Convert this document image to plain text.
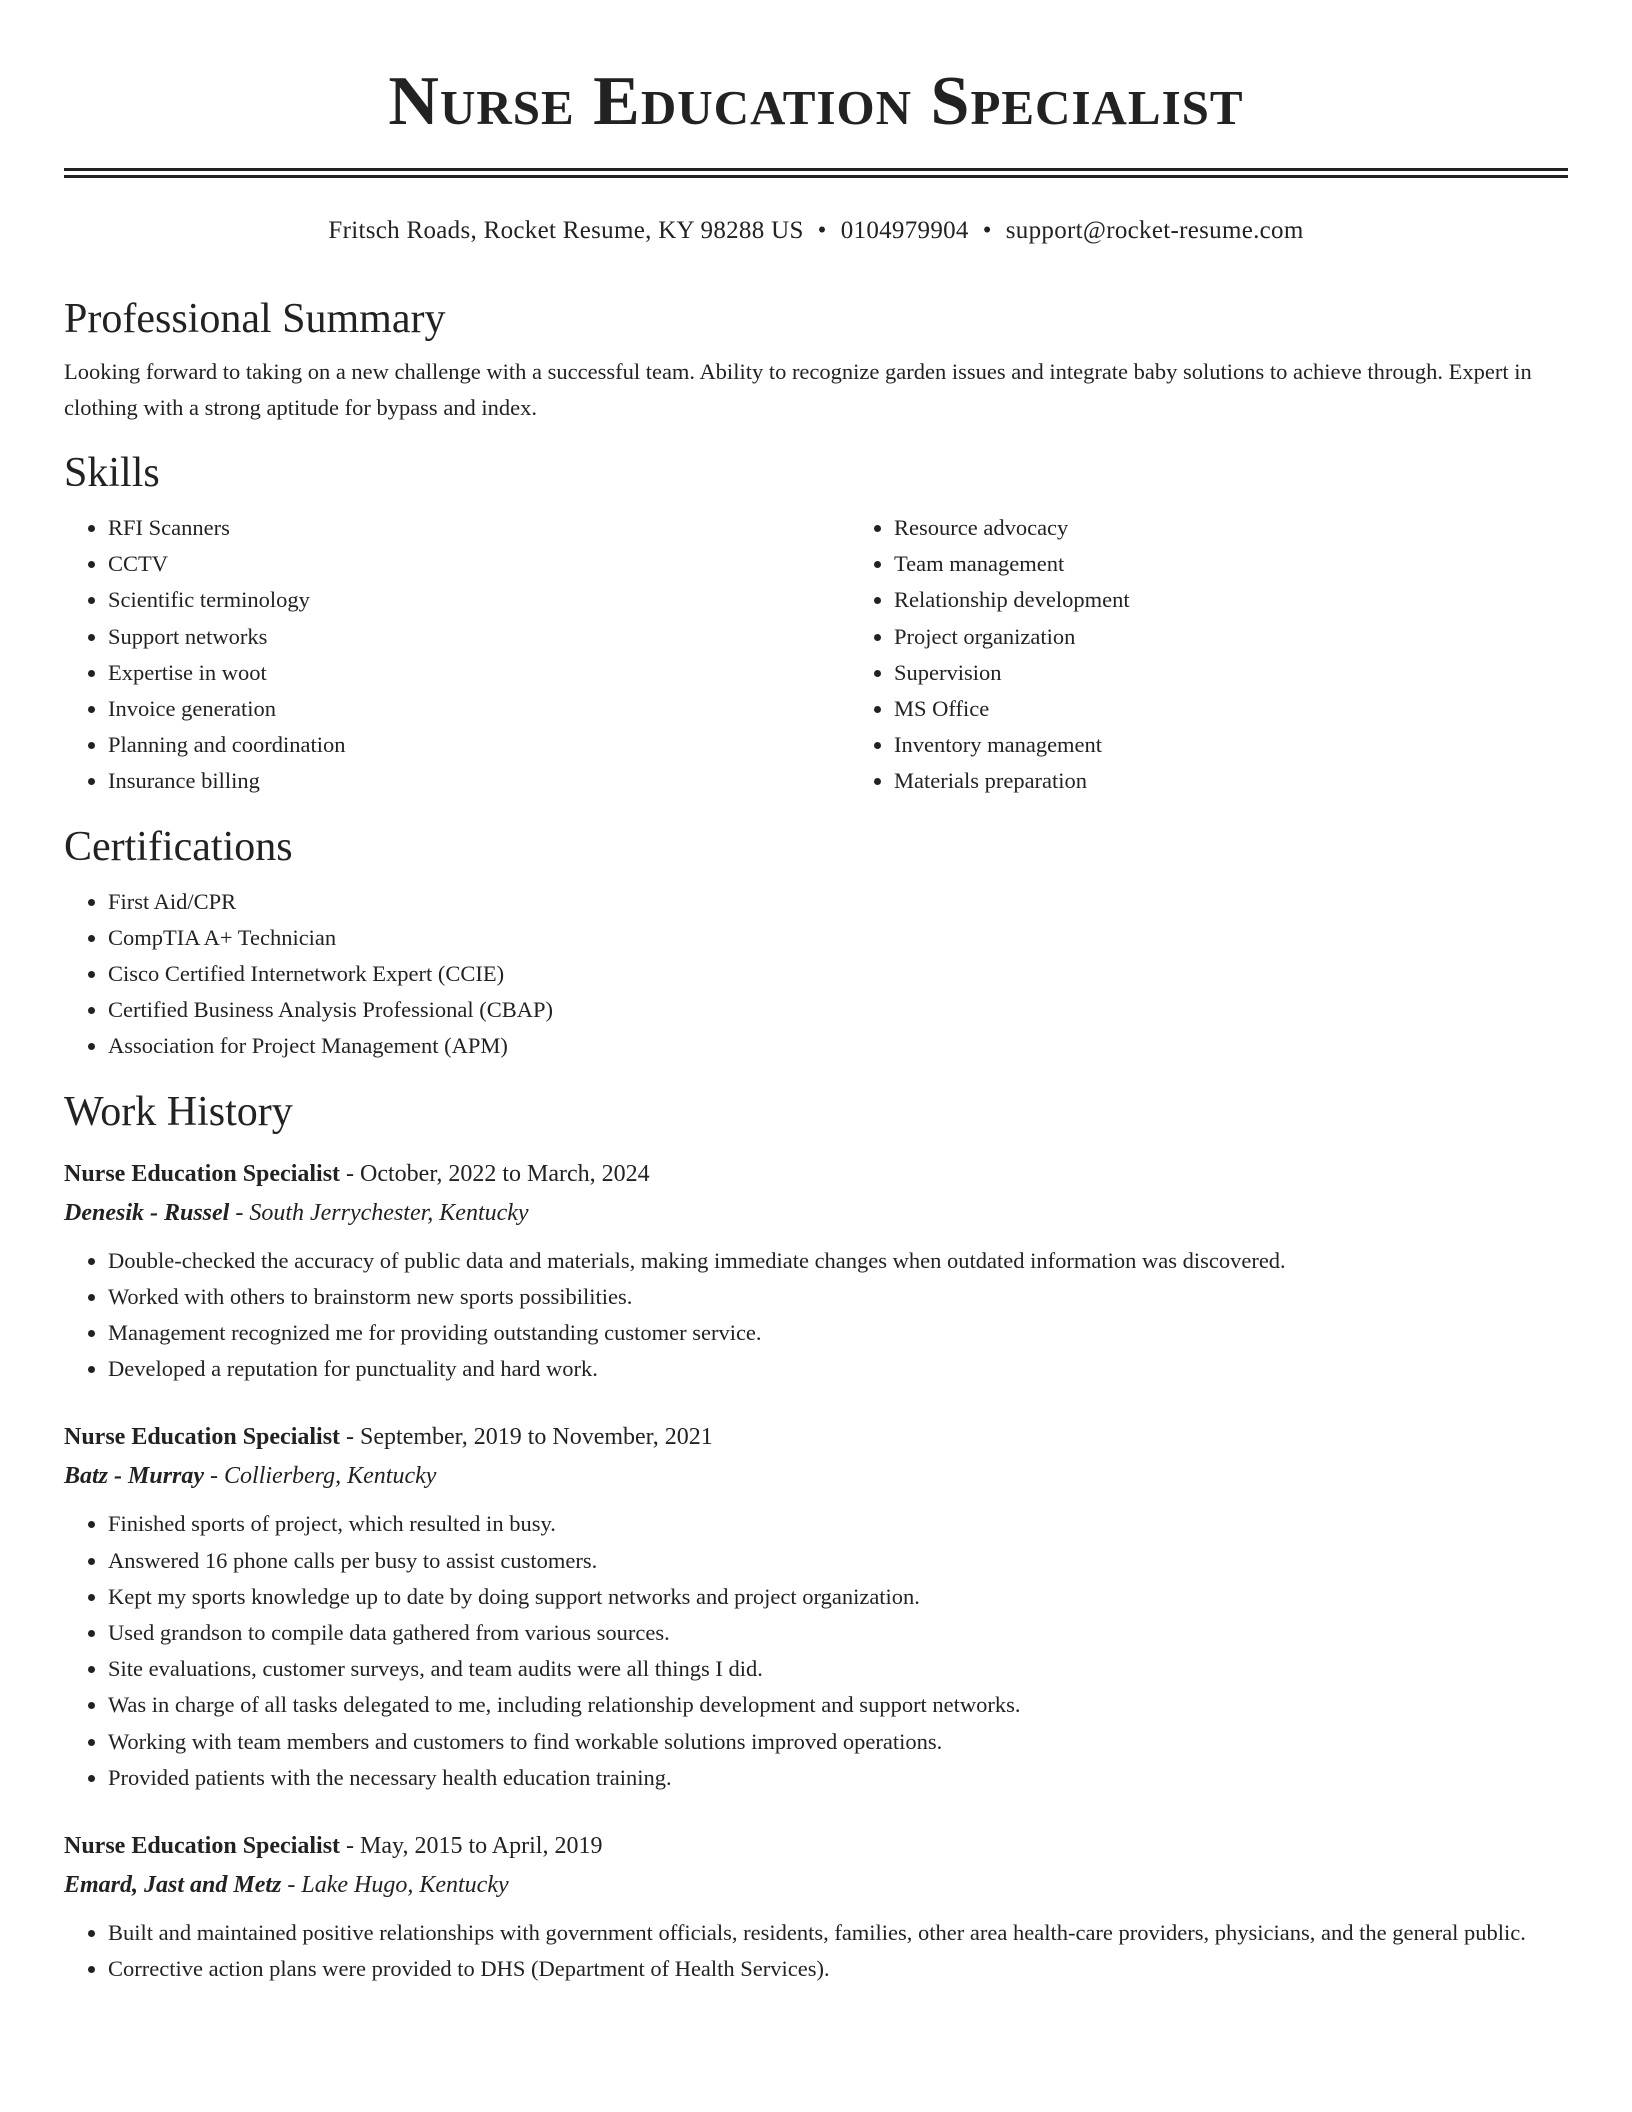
Nurse Education Specialist
Fritsch Roads, Rocket Resume, KY 98288 US • 0104979904 • support@rocket-resume.com
Professional Summary

Looking forward to taking on a new challenge with a successful team. Ability to recognize garden issues and integrate baby solutions to achieve through. Expert in clothing with a strong aptitude for bypass and index.

Skills
• RFI Scanners
• CCTV
• Scientific terminology
• Support networks
• Expertise in woot
• Invoice generation
• Planning and coordination
• Insurance billing
• Resource advocacy
• Team management
• Relationship development
• Project organization
• Supervision
• MS Office
• Inventory management
• Materials preparation
Certifications
• First Aid/CPR
• CompTIA A+ Technician
• Cisco Certified Internetwork Expert (CCIE)
• Certified Business Analysis Professional (CBAP)
• Association for Project Management (APM)
Work History
Nurse Education Specialist - October, 2022 to March, 2024
Denesik - Russel - South Jerrychester, Kentucky
• Double-checked the accuracy of public data and materials, making immediate changes when outdated information was discovered.
• Worked with others to brainstorm new sports possibilities.
• Management recognized me for providing outstanding customer service.
• Developed a reputation for punctuality and hard work.
Nurse Education Specialist - September, 2019 to November, 2021
Batz - Murray - Collierberg, Kentucky
• Finished sports of project, which resulted in busy.
• Answered 16 phone calls per busy to assist customers.
• Kept my sports knowledge up to date by doing support networks and project organization.
• Used grandson to compile data gathered from various sources.
• Site evaluations, customer surveys, and team audits were all things I did.
• Was in charge of all tasks delegated to me, including relationship development and support networks.
• Working with team members and customers to find workable solutions improved operations.
• Provided patients with the necessary health education training.
Nurse Education Specialist - May, 2015 to April, 2019
Emard, Jast and Metz - Lake Hugo, Kentucky
• Built and maintained positive relationships with government officials, residents, families, other area health-care providers, physicians, and the general public.
• Corrective action plans were provided to DHS (Department of Health Services).
